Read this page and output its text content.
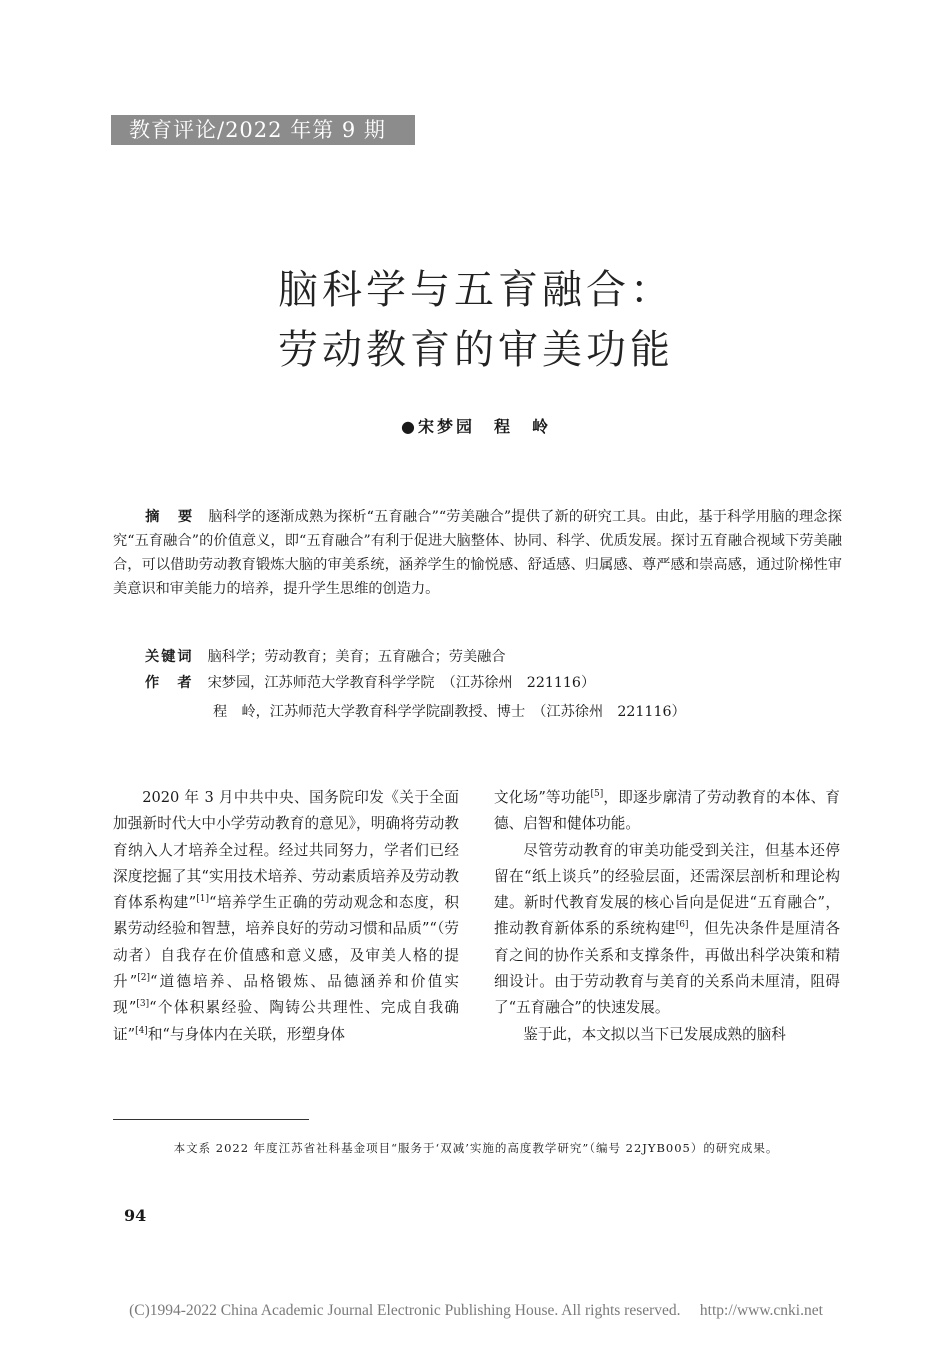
教育评论/2022 年第 9 期
脑科学与五育融合：
劳动教育的审美功能
●宋梦园　程　岭
摘　要 脑科学的逐渐成熟为探析“五育融合”“劳美融合”提供了新的研究工具。由此，基于科学用脑的理念探究“五育融合”的价值意义，即“五育融合”有利于促进大脑整体、协同、科学、优质发展。探讨五育融合视域下劳美融合，可以借助劳动教育锻炼大脑的审美系统，涵养学生的愉悦感、舒适感、归属感、尊严感和崇高感，通过阶梯性审美意识和审美能力的培养，提升学生思维的创造力。
关键词 脑科学；劳动教育；美育；五育融合；劳美融合
作　者 宋梦园，江苏师范大学教育科学学院　（江苏徐州　221116）
程　岭，江苏师范大学教育科学学院副教授、博士　（江苏徐州　221116）

2020 年 3 月中共中央、国务院印发《关于全面加强新时代大中小学劳动教育的意见》，明确将劳动教育纳入人才培养全过程。经过共同努力，学者们已经深度挖掘了其“实用技术培养、劳动素质培养及劳动教育体系构建”[1]“培养学生正确的劳动观念和态度，积累劳动经验和智慧，培养良好的劳动习惯和品质”“（劳动者）自我存在价值感和意义感，及审美人格的提升”[2]“道德培养、品格锻炼、品德涵养和价值实现”[3]“个体积累经验、陶铸公共理性、完成自我确证”[4]和“与身体内在关联，形塑身体

文化场”等功能[5]，即逐步廓清了劳动教育的本体、育德、启智和健体功能。

尽管劳动教育的审美功能受到关注，但基本还停留在“纸上谈兵”的经验层面，还需深层剖析和理论构建。新时代教育发展的核心旨向是促进“五育融合”，推动教育新体系的系统构建[6]，但先决条件是厘清各育之间的协作关系和支撑条件，再做出科学决策和精细设计。由于劳动教育与美育的关系尚未厘清，阻碍了“五育融合”的快速发展。

鉴于此，本文拟以当下已发展成熟的脑科

本文系 2022 年度江苏省社科基金项目“服务于‘双减’实施的高度教学研究”（编号 22JYB005）的研究成果。
94
(C)1994-2022 China Academic Journal Electronic Publishing House. All rights reserved.　 http://www.cnki.net
